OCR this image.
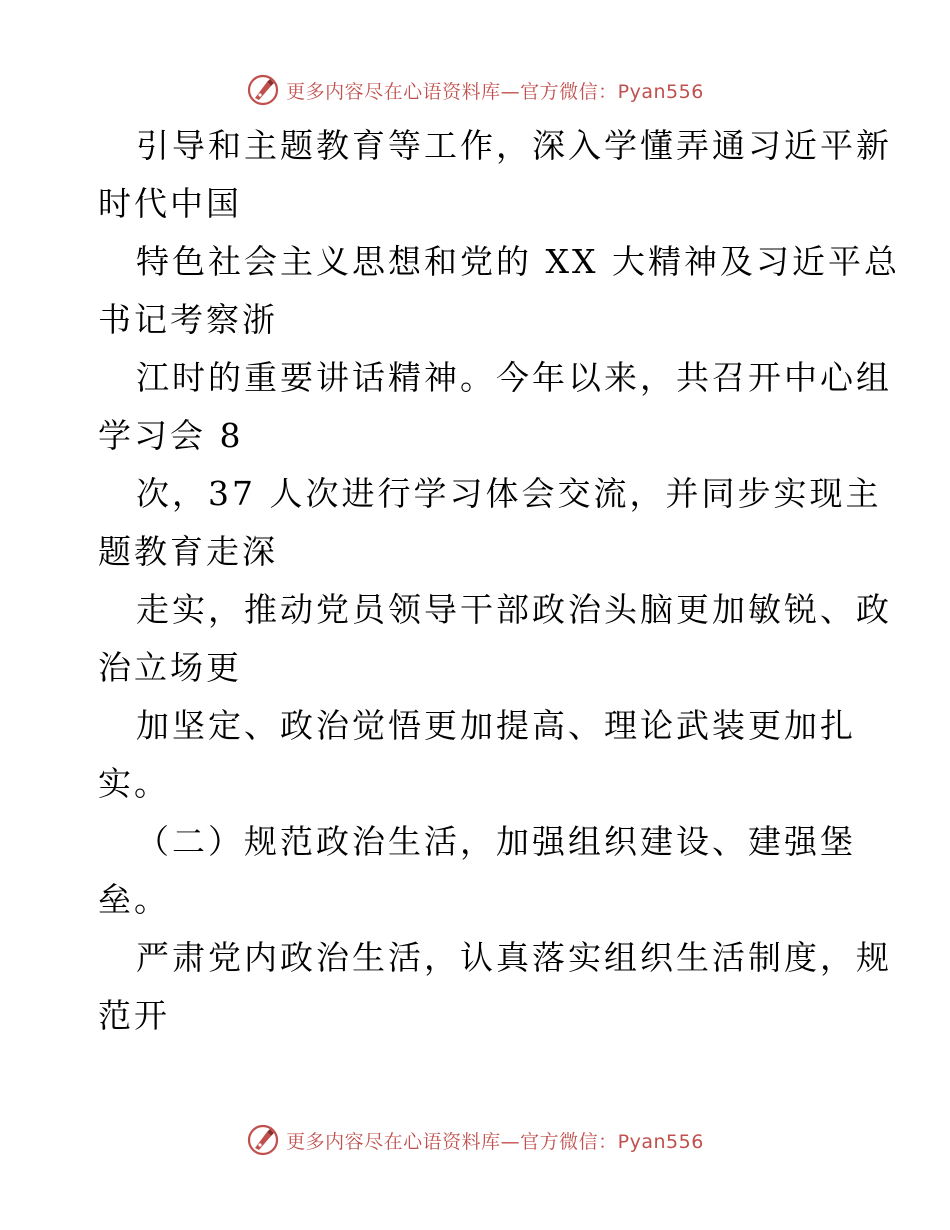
更多内容尽在心语资料库—官方微信：Pyan556
引导和主题教育等工作，深入学懂弄通习近平新
时代中国
特色社会主义思想和党的 XX 大精神及习近平总
书记考察浙
江时的重要讲话精神。今年以来，共召开中心组
学习会 8
次，37 人次进行学习体会交流，并同步实现主
题教育走深
走实，推动党员领导干部政治头脑更加敏锐、政
治立场更
加坚定、政治觉悟更加提高、理论武装更加扎
实。
（二）规范政治生活，加强组织建设、建强堡
垒。
严肃党内政治生活，认真落实组织生活制度，规
范开
更多内容尽在心语资料库—官方微信：Pyan556
